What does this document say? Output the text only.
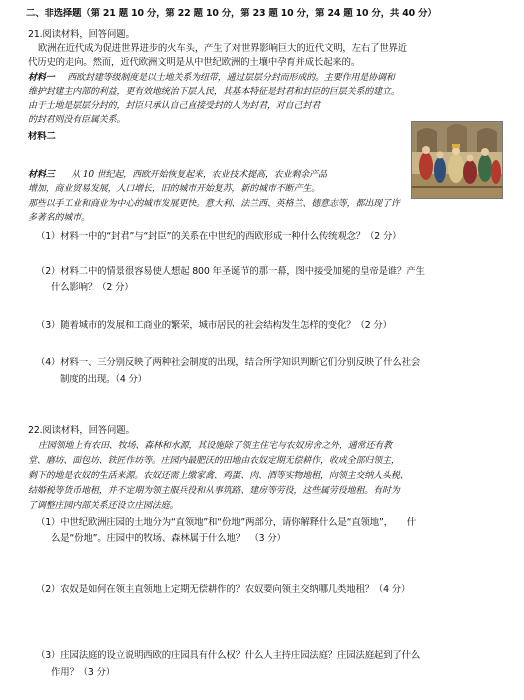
二、非选择题（第 21 题 10 分，第 22 题 10 分，第 23 题 10 分，第 24 题 10 分，共 40 分）
21.阅读材料，回答问题。
欧洲在近代成为促进世界进步的火车头，产生了对世界影响巨大的近代文明，左右了世界近
代历史的走向。然而，近代欧洲文明是从中世纪欧洲的土壤中孕育并成长起来的。
材料一 西欧封建等级制度是以土地关系为纽带，通过层层分封而形成的。主要作用是协调和
维护封建主内部的利益，更有效地统治下层人民，其基本特征是封君和封臣的巨层关系的建立。
由于土地是层层分封的，封臣只承认自己直接受封的人为封君，对自己封君
的封君则没有臣属关系。
材料二
材料三 从 10 世纪起，西欧开始恢复起来，农业技术提高，农业剩余产品
增加，商业贸易发展，人口增长，旧的城市开始复苏，新的城市不断产生。
那些以手工业和商业为中心的城市发展更快。意大利、法兰西、英格兰、德意志等，都出现了许
多著名的城市。
（1）材料一中的“封君”与“封臣”的关系在中世纪的西欧形成一种什么传统观念？（2 分）
（2）材料二中的情景很容易使人想起 800 年圣诞节的那一幕，图中接受加冕的皇帝是谁？产生
什么影响？（2 分）
（3）随着城市的发展和工商业的繁荣，城市居民的社会结构发生怎样的变化？（2 分）
（4）材料一、三分别反映了两种社会制度的出现，结合所学知识判断它们分别反映了什么社会
制度的出现。（4 分）
22.阅读材料，回答问题。
庄园领地上有农田、牧场、森林和水源，其设施除了领主住宅与农奴房舍之外，通常还有教
堂、磨坊、面包坊、铁匠作坊等。庄园内最肥沃的田地由农奴定期无偿耕作，收成全部归领主，
剩下的地是农奴的生活来源。农奴还需上缴家禽、鸡蛋、肉、酒等实物地租，向领主交纳人头税、
结婚税等货币地租，并不定期为领主服兵役和从事筑路、建房等劳役，这些属劳役地租。有时为
了调整庄园内部关系还设立庄园法庭。
（1）中世纪欧洲庄园的土地分为“直领地”和“份地”两部分，请你解释什么是“直领地”，　　什
么是“份地”。庄园中的牧场、森林属于什么地？　（3 分）
（2）农奴是如何在领主直领地上定期无偿耕作的？农奴要向领主交纳哪几类地租？（4 分）
（3）庄园法庭的设立说明西欧的庄园具有什么权？什么人主持庄园法庭？庄园法庭起到了什么
作用？（3 分）
